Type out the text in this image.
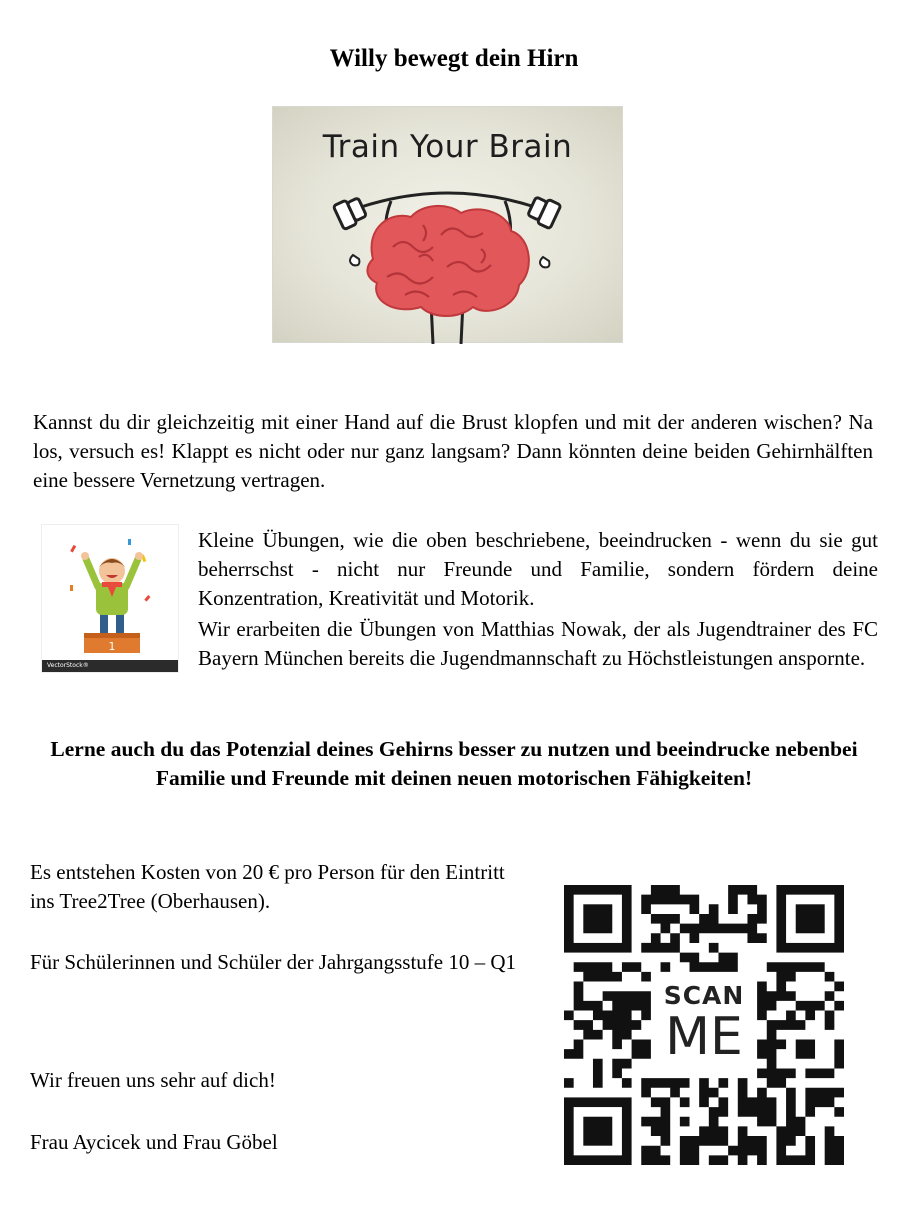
Willy bewegt dein Hirn
Train Your Brain
Kannst du dir gleichzeitig mit einer Hand auf die Brust klopfen und mit der anderen wischen? Na los, versuch es! Klappt es nicht oder nur ganz langsam? Dann könnten deine beiden Gehirnhälften eine bessere Vernetzung vertragen.
1
VectorStock®
Kleine Übungen, wie die oben beschriebene, beeindrucken - wenn du sie gut beherrschst - nicht nur Freunde und Familie, sondern fördern deine Konzentration, Kreativität und Motorik.
Wir erarbeiten die Übungen von Matthias Nowak, der als Jugendtrainer des FC Bayern München bereits die Jugendmannschaft zu Höchstleistungen anspornte.
Lerne auch du das Potenzial deines Gehirns besser zu nutzen und beeindrucke nebenbei Familie und Freunde mit deinen neuen motorischen Fähigkeiten!
Es entstehen Kosten von 20 € pro Person für den Eintritt ins Tree2Tree (Oberhausen).
Für Schülerinnen und Schüler der Jahrgangsstufe 10 – Q1
Wir freuen uns sehr auf dich!
Frau Aycicek und Frau Göbel
SCAN
ME
